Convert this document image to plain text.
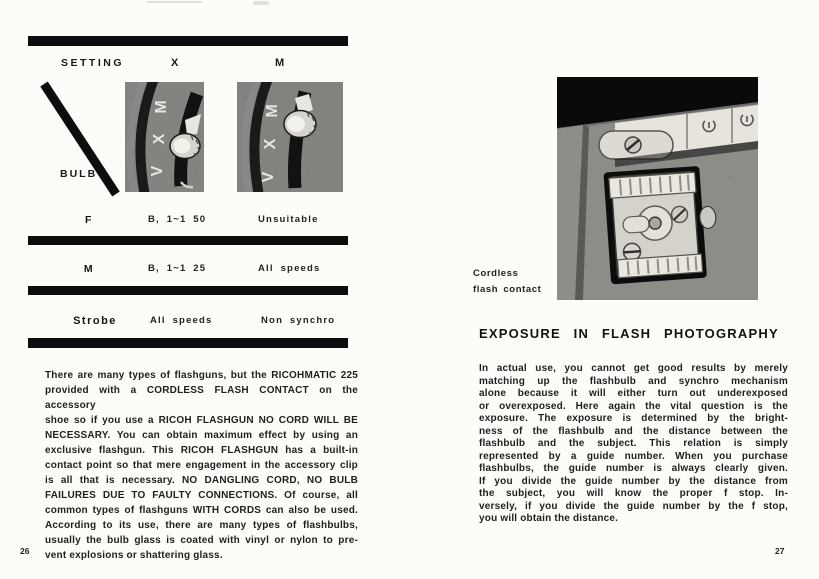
SETTING	X	M
BULB
M
X
V
M
X
V
F	B, 1~1 50	Unsuitable
M	B, 1~1 25	All speeds
Strobe	All speeds	Non synchro
There are many types of flashguns, but the RICOHMATIC 225
provided with a CORDLESS FLASH CONTACT on the accessory
shoe so if you use a RICOH FLASHGUN NO CORD WILL BE
NECESSARY. You can obtain maximum effect by using an
exclusive flashgun. This RICOH FLASHGUN has a built-in
contact point so that mere engagement in the accessory clip
is all that is necessary. NO DANGLING CORD, NO BULB
FAILURES DUE TO FAULTY CONNECTIONS. Of course, all
common types of flashguns WITH CORDS can also be used.
According to its use, there are many types of flashbulbs,
usually the bulb glass is coated with vinyl or nylon to pre-
vent explosions or shattering glass.
26
Cordless
flash contact
EXPOSURE IN FLASH PHOTOGRAPHY
In actual use, you cannot get good results by merely
matching up the flashbulb and synchro mechanism
alone because it will either turn out underexposed
or overexposed. Here again the vital question is the
exposure. The exposure is determined by the bright-
ness of the flashbulb and the distance between the
flashbulb and the subject. This relation is simply
represented by a guide number. When you purchase
flashbulbs, the guide number is always clearly given.
If you divide the guide number by the distance from
the subject, you will know the proper f stop. In-
versely, if you divide the guide number by the f stop,
you will obtain the distance.
27
